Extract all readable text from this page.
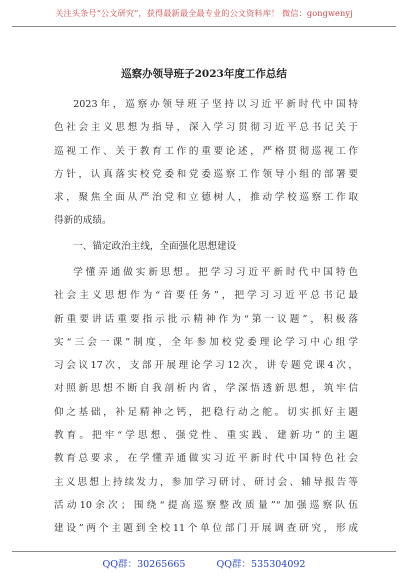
关注头条号“公文研究”，获得最新最全最专业的公文资料库！ 微信：gongwenyj
巡察办领导班子2023年度工作总结

2023年，巡察办领导班子坚持以习近平新时代中国特

色社会主义思想为指导，深入学习贯彻习近平总书记关于

巡视工作、关于教育工作的重要论述，严格贯彻巡视工作

方针，认真落实校党委和党委巡察工作领导小组的部署要

求，聚焦全面从严治党和立德树人，推动学校巡察工作取

得新的成绩。

一、锚定政治主线，全面强化思想建设

学懂弄通做实新思想。把学习习近平新时代中国特色

社会主义思想作为“首要任务”，把学习习近平总书记最

新重要讲话重要指示批示精神作为“第一议题”，积极落

实“三会一课”制度，全年参加校党委理论学习中心组学

习会议17次，支部开展理论学习12次，讲专题党课4次，

对照新思想不断自我剖析内省，学深悟透新思想，筑牢信

仰之基础，补足精神之钙，把稳行动之舵。切实抓好主题

教育。把牢“学思想、强党性、重实践、建新功”的主题

教育总要求，在学懂弄通做实习近平新时代中国特色社会

主义思想上持续发力，参加学习研讨、研讨会、辅导报告等

活动10余次；围绕“提高巡察整改质量”“加强巡察队伍

建设”两个主题到全校11个单位部门开展调查研究，形成

QQ群：30265665	QQ群：535304092
